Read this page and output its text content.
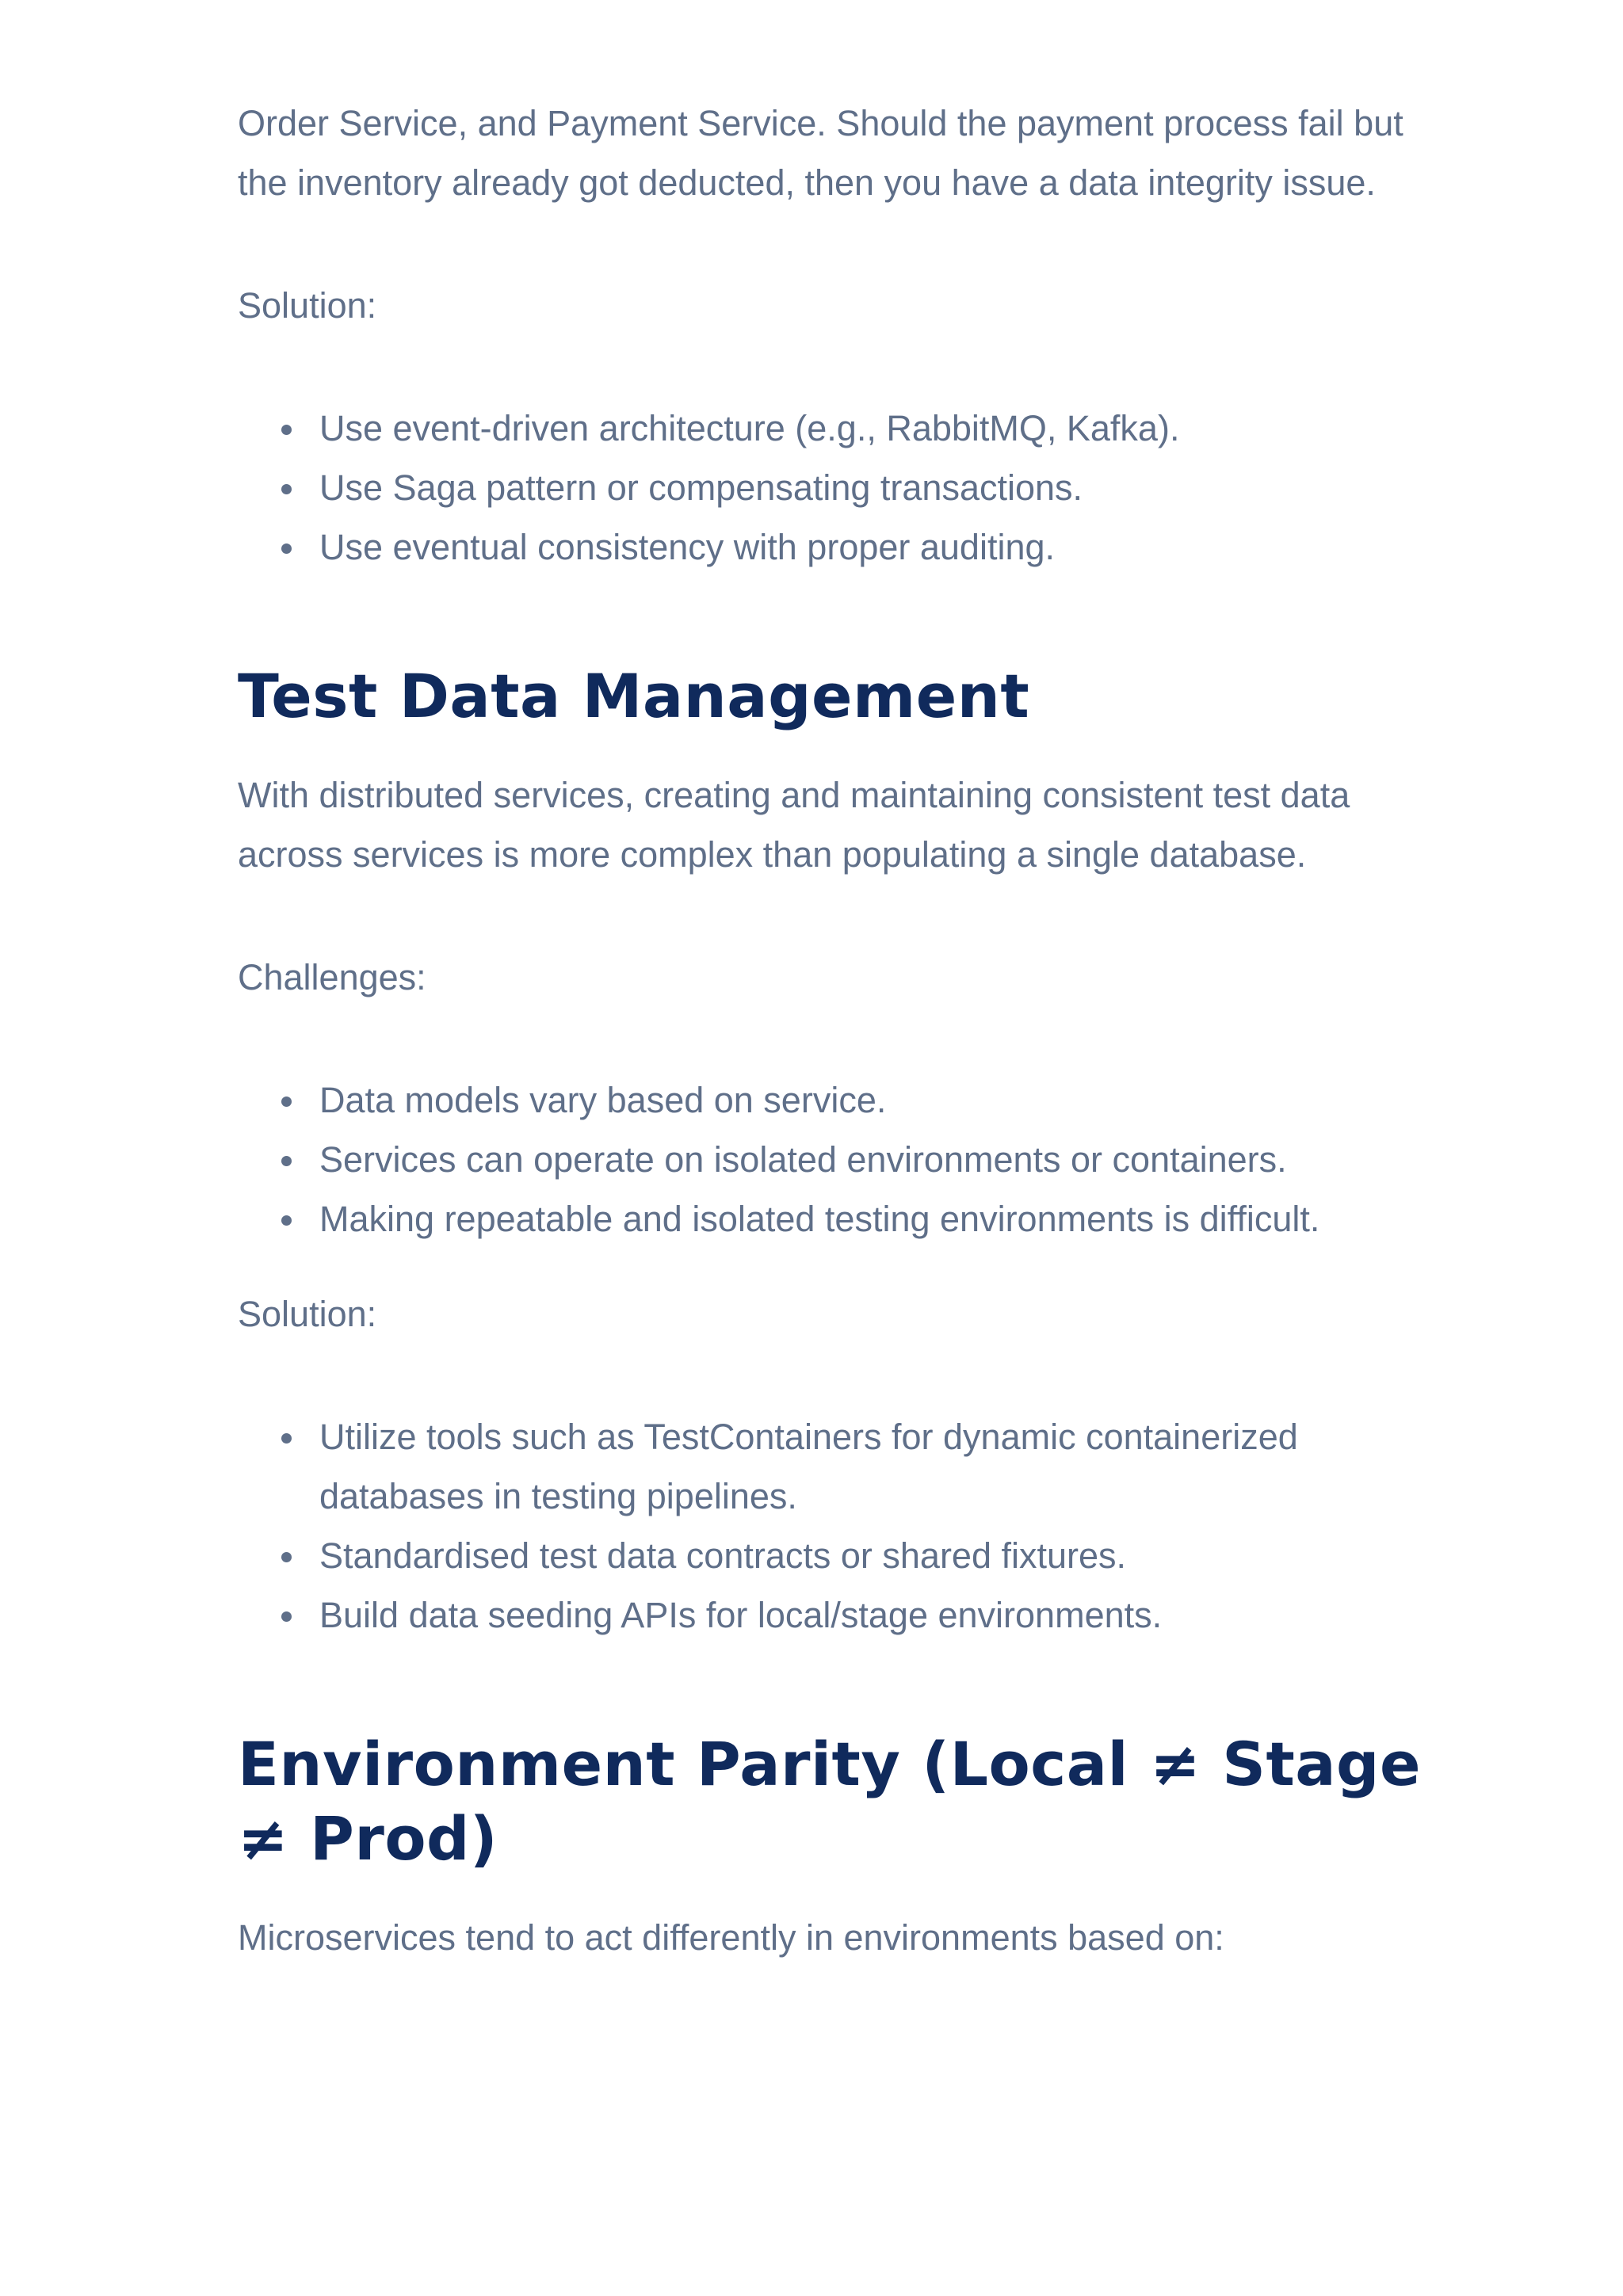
Order Service, and Payment Service. Should the payment process fail but the inventory already got deducted, then you have a data integrity issue.

Solution:

Use event-driven architecture (e.g., RabbitMQ, Kafka).
Use Saga pattern or compensating transactions.
Use eventual consistency with proper auditing.
Test Data Management

With distributed services, creating and maintaining consistent test data across services is more complex than populating a single database.

Challenges:

Data models vary based on service.
Services can operate on isolated environments or containers.
Making repeatable and isolated testing environments is difficult.

Solution:

Utilize tools such as TestContainers for dynamic containerized databases in testing pipelines.
Standardised test data contracts or shared fixtures.
Build data seeding APIs for local/stage environments.
Environment Parity (Local ≠ Stage ≠ Prod)

Microservices tend to act differently in environments based on:
